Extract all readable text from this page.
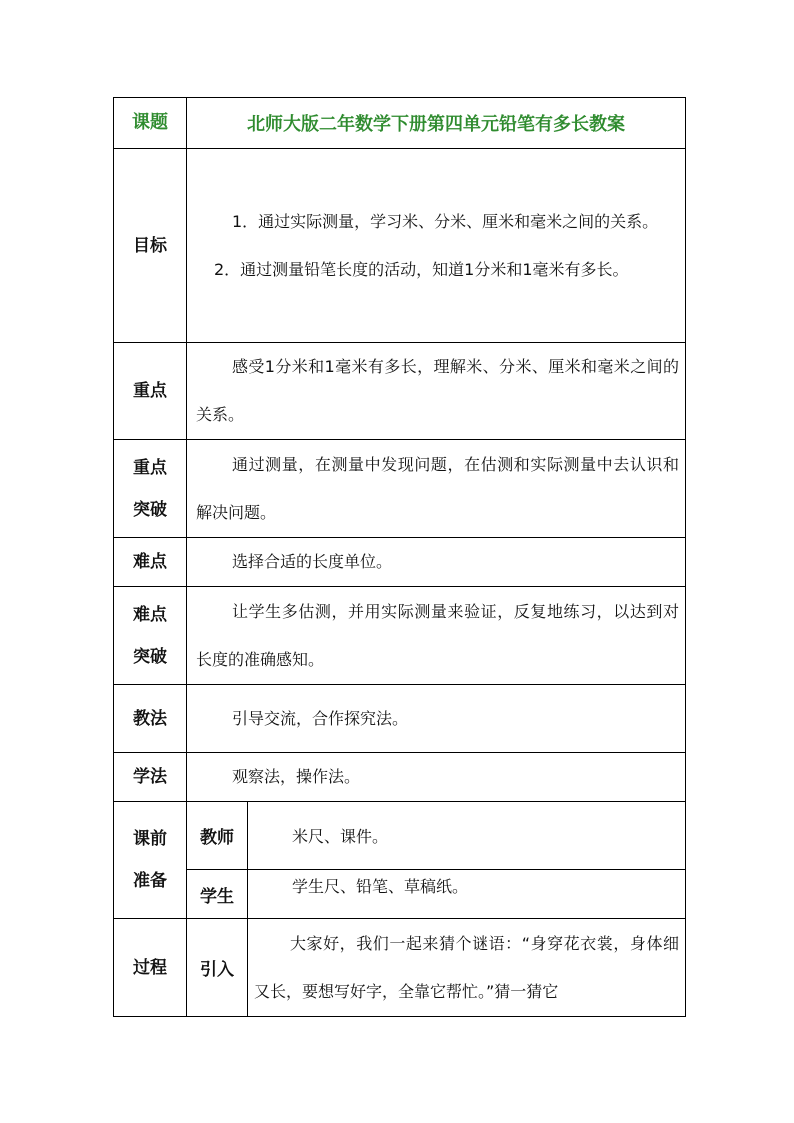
课题	北师大版二年数学下册第四单元铅笔有多长教案	
目标	1．通过实际测量，学习米、分米、厘米和毫米之间的关系。

2．通过测量铅笔长度的活动，知道1分米和1毫米有多长。	

重点	感受1分米和1毫米有多长，理解米、分米、厘米和毫米之间的关系。	

重点
突破	通过测量，在测量中发现问题，在估测和实际测量中去认识和解决问题。	

难点	选择合适的长度单位。	

难点
突破	让学生多估测，并用实际测量来验证，反复地练习，以达到对长度的准确感知。	

教法	引导交流，合作探究法。	

学法	观察法，操作法。	

课前
准备	教师	米尺、课件。
	学生	学生尺、铅笔、草稿纸。
过程	引入	大家好，我们一起来猜个谜语：“身穿花衣裳，身体细又长，要想写好字，全靠它帮忙。”猜一猜它
